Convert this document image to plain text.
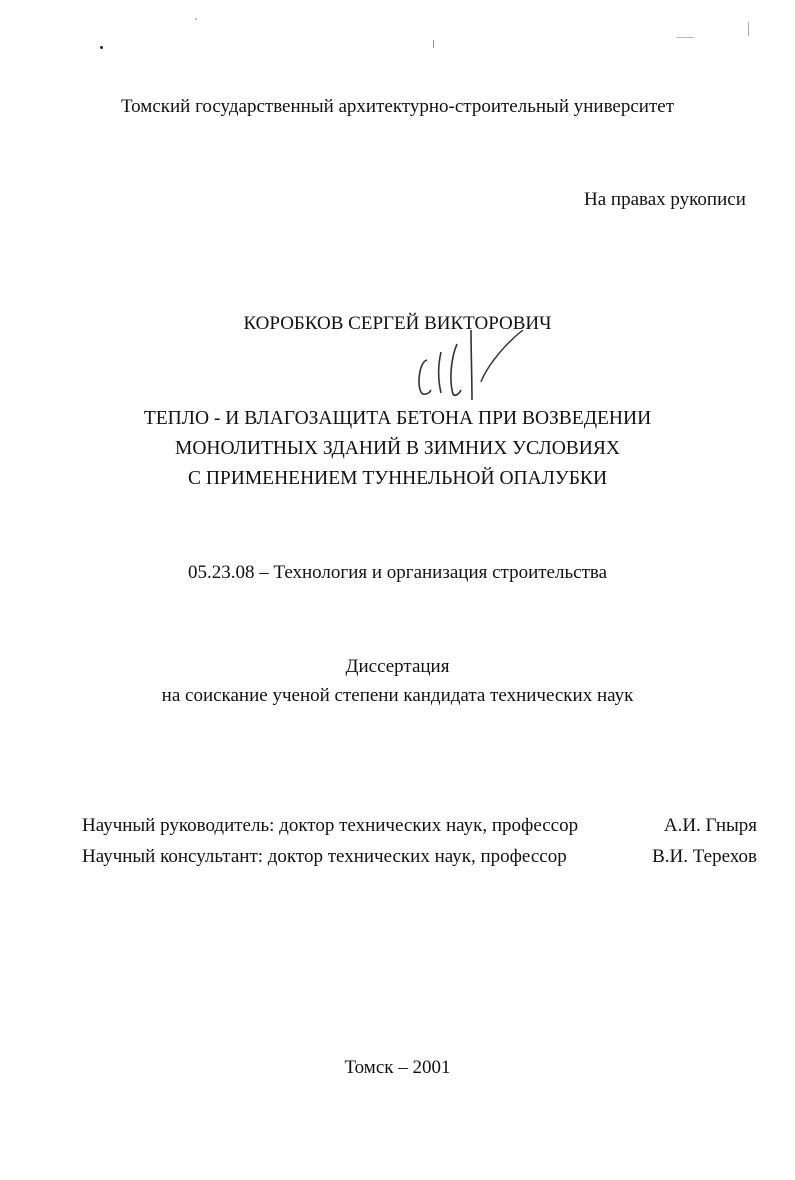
Томский государственный архитектурно-строительный университет
На правах рукописи
КОРОБКОВ СЕРГЕЙ ВИКТОРОВИЧ
ТЕПЛО - И ВЛАГОЗАЩИТА БЕТОНА ПРИ ВОЗВЕДЕНИИ
МОНОЛИТНЫХ ЗДАНИЙ В ЗИМНИХ УСЛОВИЯХ
С ПРИМЕНЕНИЕМ ТУННЕЛЬНОЙ ОПАЛУБКИ
05.23.08 – Технология и организация строительства
Диссертация
на соискание ученой степени кандидата технических наук
Научный руководитель: доктор технических наук, профессор	А.И. Гныря
Научный консультант: доктор технических наук, профессор	В.И. Терехов
Томск – 2001
